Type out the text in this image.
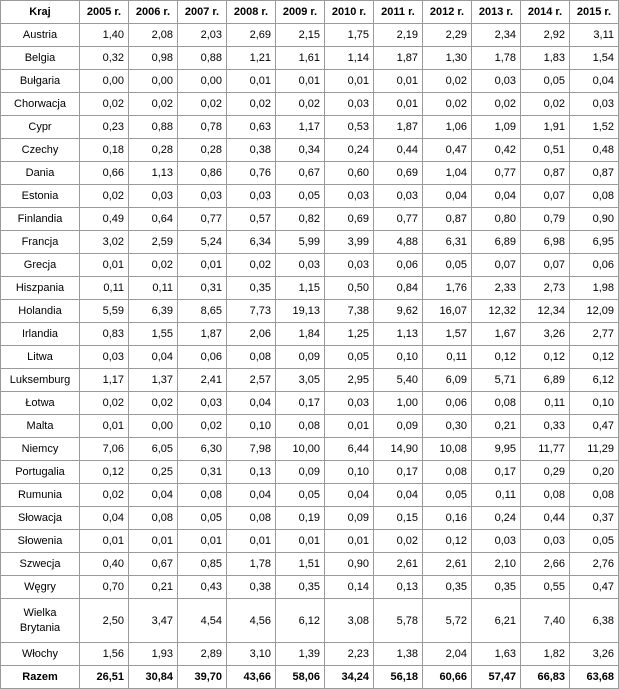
Kraj	2005 r.	2006 r.	2007 r.	2008 r.	2009 r.	2010 r.	2011 r.	2012 r.	2013 r.	2014 r.	2015 r.
Austria	1,40	2,08	2,03	2,69	2,15	1,75	2,19	2,29	2,34	2,92	3,11
Belgia	0,32	0,98	0,88	1,21	1,61	1,14	1,87	1,30	1,78	1,83	1,54
Bułgaria	0,00	0,00	0,00	0,01	0,01	0,01	0,01	0,02	0,03	0,05	0,04
Chorwacja	0,02	0,02	0,02	0,02	0,02	0,03	0,01	0,02	0,02	0,02	0,03
Cypr	0,23	0,88	0,78	0,63	1,17	0,53	1,87	1,06	1,09	1,91	1,52
Czechy	0,18	0,28	0,28	0,38	0,34	0,24	0,44	0,47	0,42	0,51	0,48
Dania	0,66	1,13	0,86	0,76	0,67	0,60	0,69	1,04	0,77	0,87	0,87
Estonia	0,02	0,03	0,03	0,03	0,05	0,03	0,03	0,04	0,04	0,07	0,08
Finlandia	0,49	0,64	0,77	0,57	0,82	0,69	0,77	0,87	0,80	0,79	0,90
Francja	3,02	2,59	5,24	6,34	5,99	3,99	4,88	6,31	6,89	6,98	6,95
Grecja	0,01	0,02	0,01	0,02	0,03	0,03	0,06	0,05	0,07	0,07	0,06
Hiszpania	0,11	0,11	0,31	0,35	1,15	0,50	0,84	1,76	2,33	2,73	1,98
Holandia	5,59	6,39	8,65	7,73	19,13	7,38	9,62	16,07	12,32	12,34	12,09
Irlandia	0,83	1,55	1,87	2,06	1,84	1,25	1,13	1,57	1,67	3,26	2,77
Litwa	0,03	0,04	0,06	0,08	0,09	0,05	0,10	0,11	0,12	0,12	0,12
Luksemburg	1,17	1,37	2,41	2,57	3,05	2,95	5,40	6,09	5,71	6,89	6,12
Łotwa	0,02	0,02	0,03	0,04	0,17	0,03	1,00	0,06	0,08	0,11	0,10
Malta	0,01	0,00	0,02	0,10	0,08	0,01	0,09	0,30	0,21	0,33	0,47
Niemcy	7,06	6,05	6,30	7,98	10,00	6,44	14,90	10,08	9,95	11,77	11,29
Portugalia	0,12	0,25	0,31	0,13	0,09	0,10	0,17	0,08	0,17	0,29	0,20
Rumunia	0,02	0,04	0,08	0,04	0,05	0,04	0,04	0,05	0,11	0,08	0,08
Słowacja	0,04	0,08	0,05	0,08	0,19	0,09	0,15	0,16	0,24	0,44	0,37
Słowenia	0,01	0,01	0,01	0,01	0,01	0,01	0,02	0,12	0,03	0,03	0,05
Szwecja	0,40	0,67	0,85	1,78	1,51	0,90	2,61	2,61	2,10	2,66	2,76
Węgry	0,70	0,21	0,43	0,38	0,35	0,14	0,13	0,35	0,35	0,55	0,47
Wielka Brytania	2,50	3,47	4,54	4,56	6,12	3,08	5,78	5,72	6,21	7,40	6,38
Włochy	1,56	1,93	2,89	3,10	1,39	2,23	1,38	2,04	1,63	1,82	3,26
Razem	26,51	30,84	39,70	43,66	58,06	34,24	56,18	60,66	57,47	66,83	63,68
